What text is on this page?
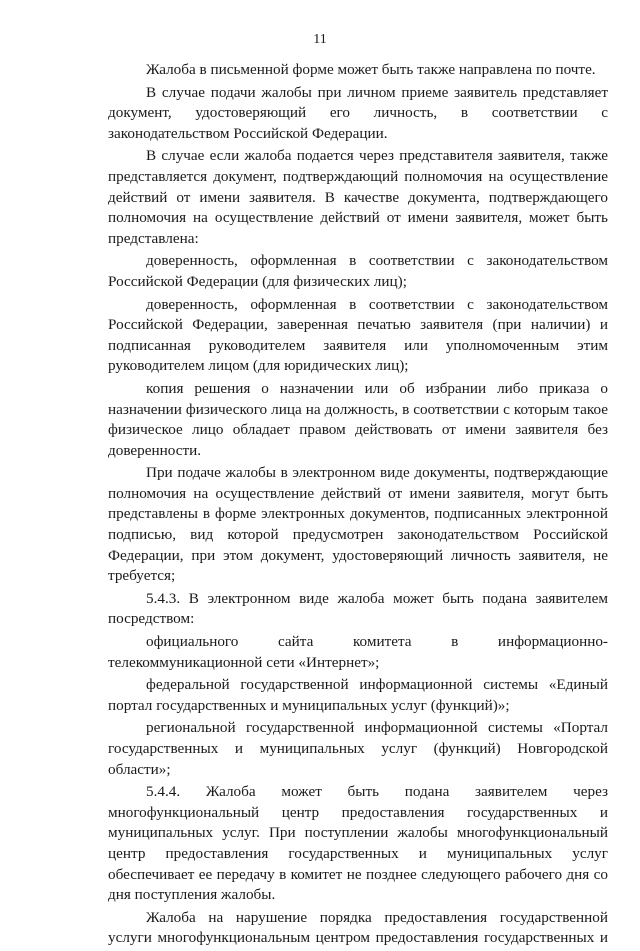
11

Жалоба в письменной форме может быть также направлена по почте.

В случае подачи жалобы при личном приеме заявитель представляет документ, удостоверяющий его личность, в соответствии с законодательством Российской Федерации.

В случае если жалоба подается через представителя заявителя, также представляется документ, подтверждающий полномочия на осуществление действий от имени заявителя. В качестве документа, подтверждающего полномочия на осуществление действий от имени заявителя, может быть представлена:

доверенность, оформленная в соответствии с законодательством Российской Федерации (для физических лиц);

доверенность, оформленная в соответствии с законодательством Российской Федерации, заверенная печатью заявителя (при наличии) и подписанная руководителем заявителя или уполномоченным этим руководителем лицом (для юридических лиц);

копия решения о назначении или об избрании либо приказа о назначении физического лица на должность, в соответствии с которым такое физическое лицо обладает правом действовать от имени заявителя без доверенности.

При подаче жалобы в электронном виде документы, подтверждающие полномочия на осуществление действий от имени заявителя, могут быть представлены в форме электронных документов, подписанных электронной подписью, вид которой предусмотрен законодательством Российской Федерации, при этом документ, удостоверяющий личность заявителя, не требуется;

5.4.3. В электронном виде жалоба может быть подана заявителем посредством:

официального сайта комитета в информационно-телекоммуникационной сети «Интернет»;

федеральной государственной информационной системы «Единый портал государственных и муниципальных услуг (функций)»;

региональной государственной информационной системы «Портал государственных и муниципальных услуг (функций) Новгородской области»;

5.4.4. Жалоба может быть подана заявителем через многофункциональный центр предоставления государственных и муниципальных услуг. При поступлении жалобы многофункциональный центр предоставления государственных и муниципальных услуг обеспечивает ее передачу в комитет не позднее следующего рабочего дня со дня поступления жалобы.

Жалоба на нарушение порядка предоставления государственной услуги многофункциональным центром предоставления государственных и
